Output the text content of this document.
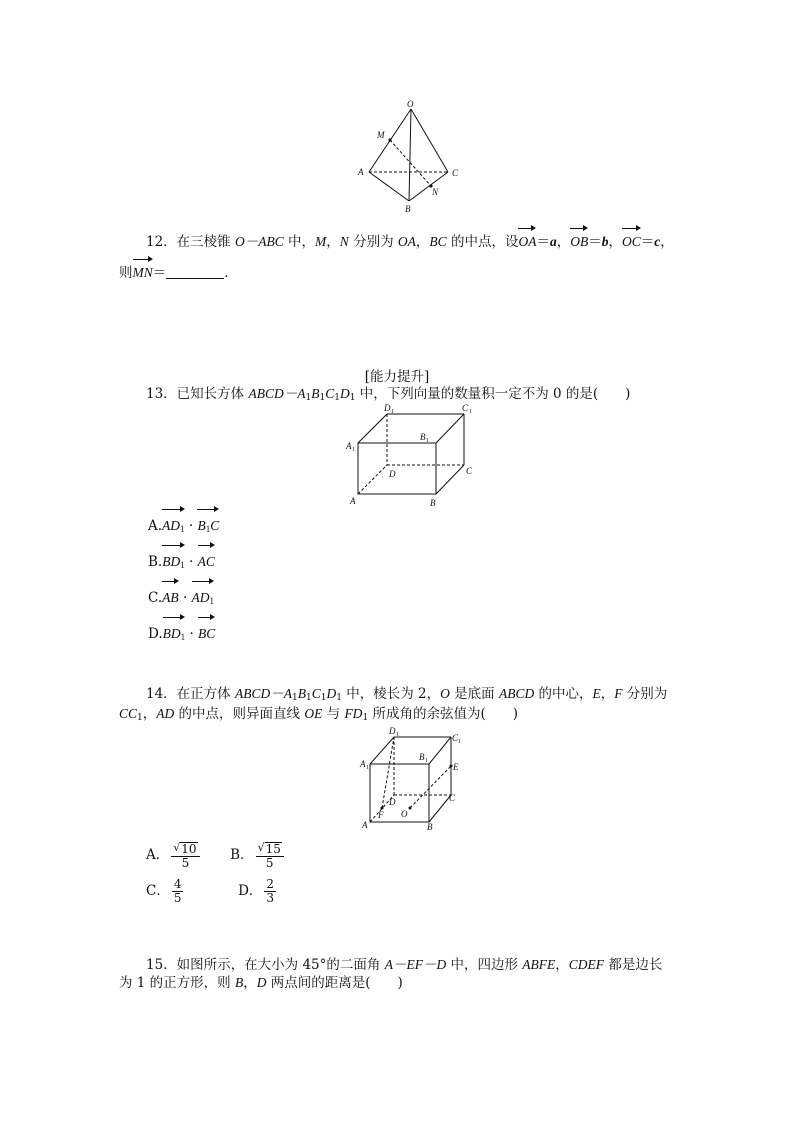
O
M
A	C
N
B
12．在三棱锥 O－ABC 中，M，N 分别为 OA，BC 的中点，设OA＝a，OB＝b，OC＝c，
则MN＝	．
[能力提升]
13．已知长方体 $ABCD-A_1B_1C_1D_1$ 中，下列向量的数量积一定不为 0 的是(　　)
D 1	C 1
B 1
A 1
D	C
A	B
$A.AD_1 \cdot B_1C$
$B.BD_1$ · AC
$C.AB \cdot AD_1$
$D.BD_1$ · BC
14．在正方体 $ABCD-A_1B_1C_1D_1$ 中，棱长为 2，O 是底面 ABCD 的中心，E，F 分别为
$CC_1$，AD 的中点，则异面直线 OE 与 $FD_1$ 所成角的余弦值为(　　)
D 1	C 1
A 1
B 1
E
D	C
F O
A	B
A． $\frac{√ 10}{5}$ B． $\frac{√ 15}{5}$
C． $\frac{4}{5}$	D． $\frac{2}{3}$
15．如图所示，在大小为 45°的二面角 A－EF－D 中，四边形 ABFE，CDEF 都是边长
为 1 的正方形，则 B，D 两点间的距离是(　　)
